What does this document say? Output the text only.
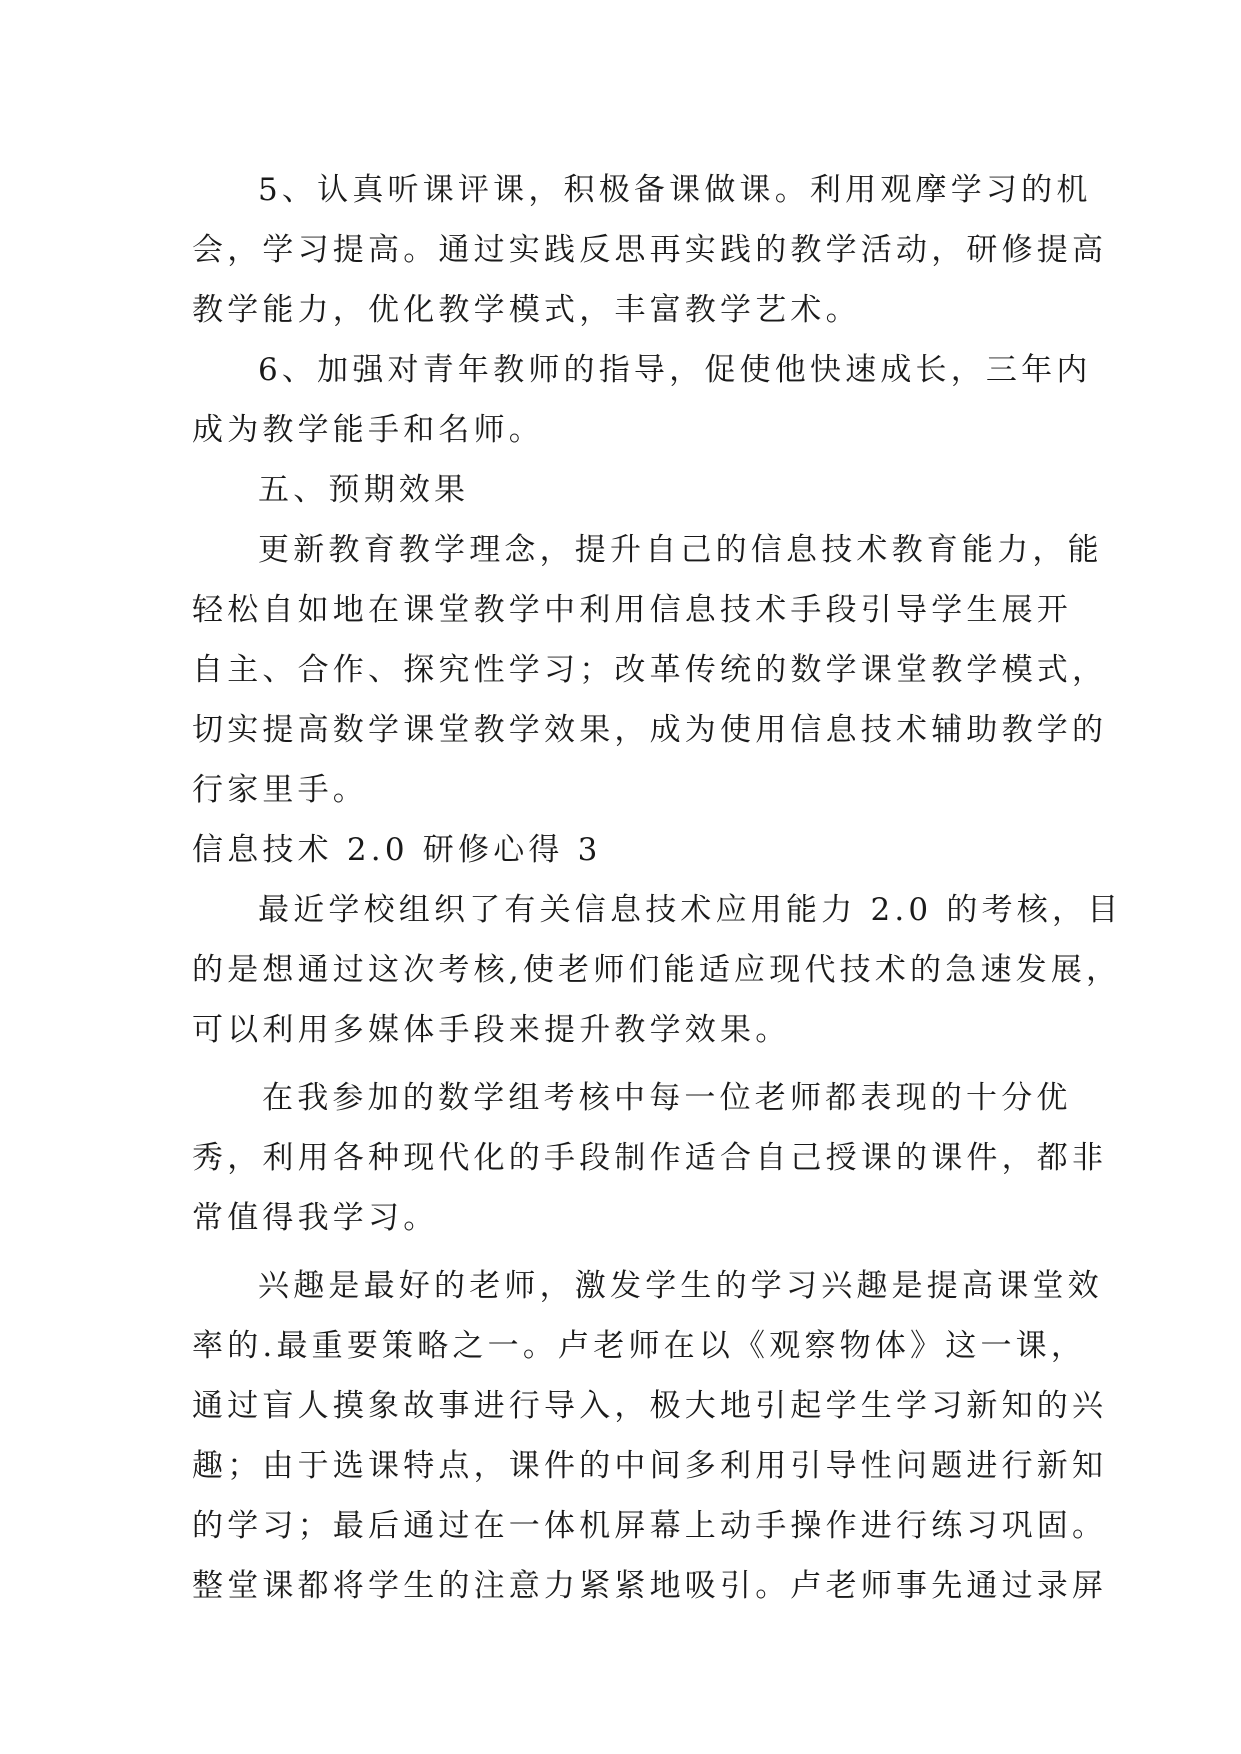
5、认真听课评课，积极备课做课。利用观摩学习的机
会，学习提高。通过实践反思再实践的教学活动，研修提高
教学能力，优化教学模式，丰富教学艺术。
6、加强对青年教师的指导，促使他快速成长，三年内
成为教学能手和名师。
五、预期效果
更新教育教学理念，提升自己的信息技术教育能力，能
轻松自如地在课堂教学中利用信息技术手段引导学生展开
自主、合作、探究性学习；改革传统的数学课堂教学模式，
切实提高数学课堂教学效果，成为使用信息技术辅助教学的
行家里手。
信息技术 2.0 研修心得 3
最近学校组织了有关信息技术应用能力 2.0 的考核，目
的是想通过这次考核,使老师们能适应现代技术的急速发展，
可以利用多媒体手段来提升教学效果。
在我参加的数学组考核中每一位老师都表现的十分优
秀，利用各种现代化的手段制作适合自己授课的课件，都非
常值得我学习。
兴趣是最好的老师，激发学生的学习兴趣是提高课堂效
率的.最重要策略之一。卢老师在以《观察物体》这一课，
通过盲人摸象故事进行导入，极大地引起学生学习新知的兴
趣；由于选课特点，课件的中间多利用引导性问题进行新知
的学习；最后通过在一体机屏幕上动手操作进行练习巩固。
整堂课都将学生的注意力紧紧地吸引。卢老师事先通过录屏
